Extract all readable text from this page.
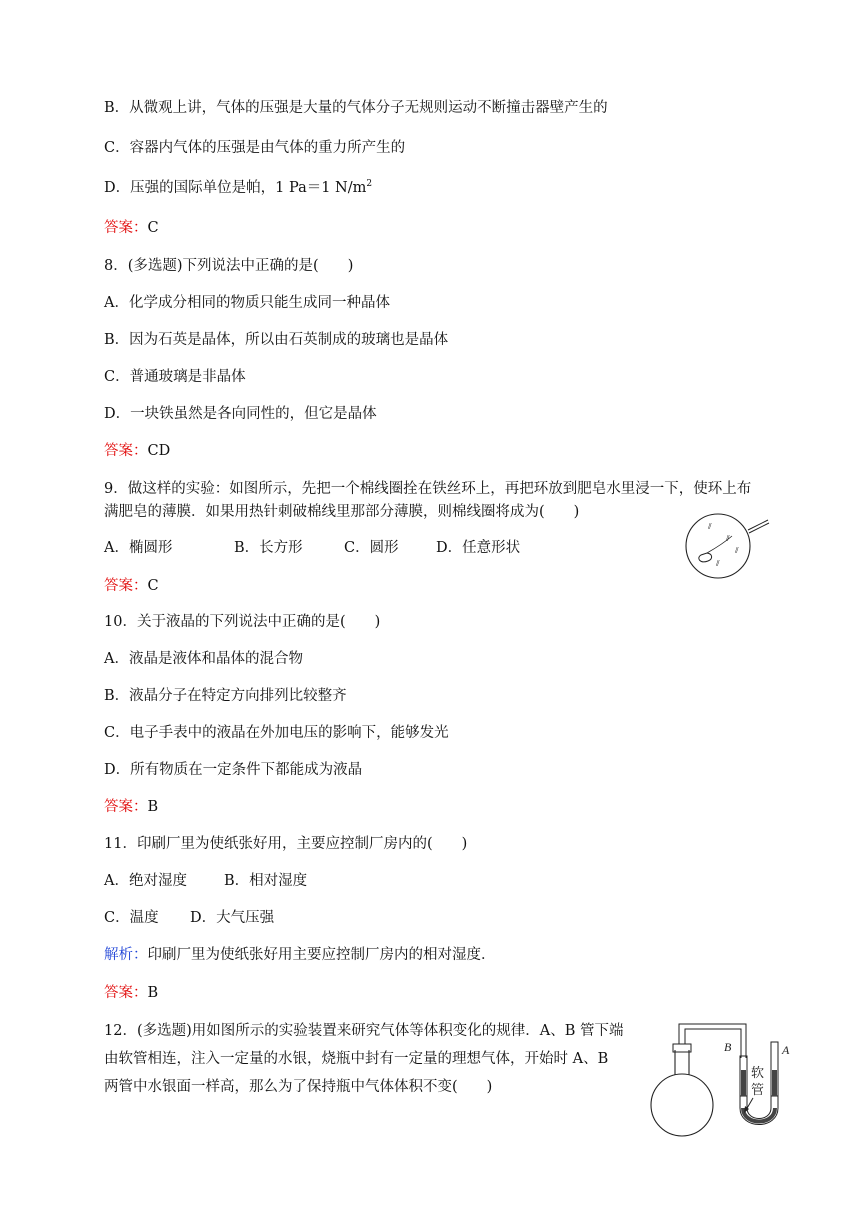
B．从微观上讲，气体的压强是大量的气体分子无规则运动不断撞击器壁产生的
C．容器内气体的压强是由气体的重力所产生的
D．压强的国际单位是帕，1 Pa＝1 $N/m^2$
答案：C
8．(多选题)下列说法中正确的是(　　)
A．化学成分相同的物质只能生成同一种晶体
B．因为石英是晶体，所以由石英制成的玻璃也是晶体
C．普通玻璃是非晶体
D．一块铁虽然是各向同性的，但它是晶体
答案：CD
9．做这样的实验：如图所示，先把一个棉线圈拴在铁丝环上，再把环放到肥皂水里浸一下，使环上布
满肥皂的薄膜．如果用热针刺破棉线里那部分薄膜，则棉线圈将成为(　　)
A．椭圆形	B．长方形	C．圆形	D．任意形状
答案：C
⫽
⫽
⫽
⫽
10．关于液晶的下列说法中正确的是(　　)
A．液晶是液体和晶体的混合物
B．液晶分子在特定方向排列比较整齐
C．电子手表中的液晶在外加电压的影响下，能够发光
D．所有物质在一定条件下都能成为液晶
答案：B
11．印刷厂里为使纸张好用，主要应控制厂房内的(　　)
A．绝对湿度	B．相对湿度
C．温度 D．大气压强
解析：印刷厂里为使纸张好用主要应控制厂房内的相对湿度．
答案：B
12．(多选题)用如图所示的实验装置来研究气体等体积变化的规律．A、B 管下端
由软管相连，注入一定量的水银，烧瓶中封有一定量的理想气体，开始时 A、B
两管中水银面一样高，那么为了保持瓶中气体体积不变(　　)
B	A
软
管
